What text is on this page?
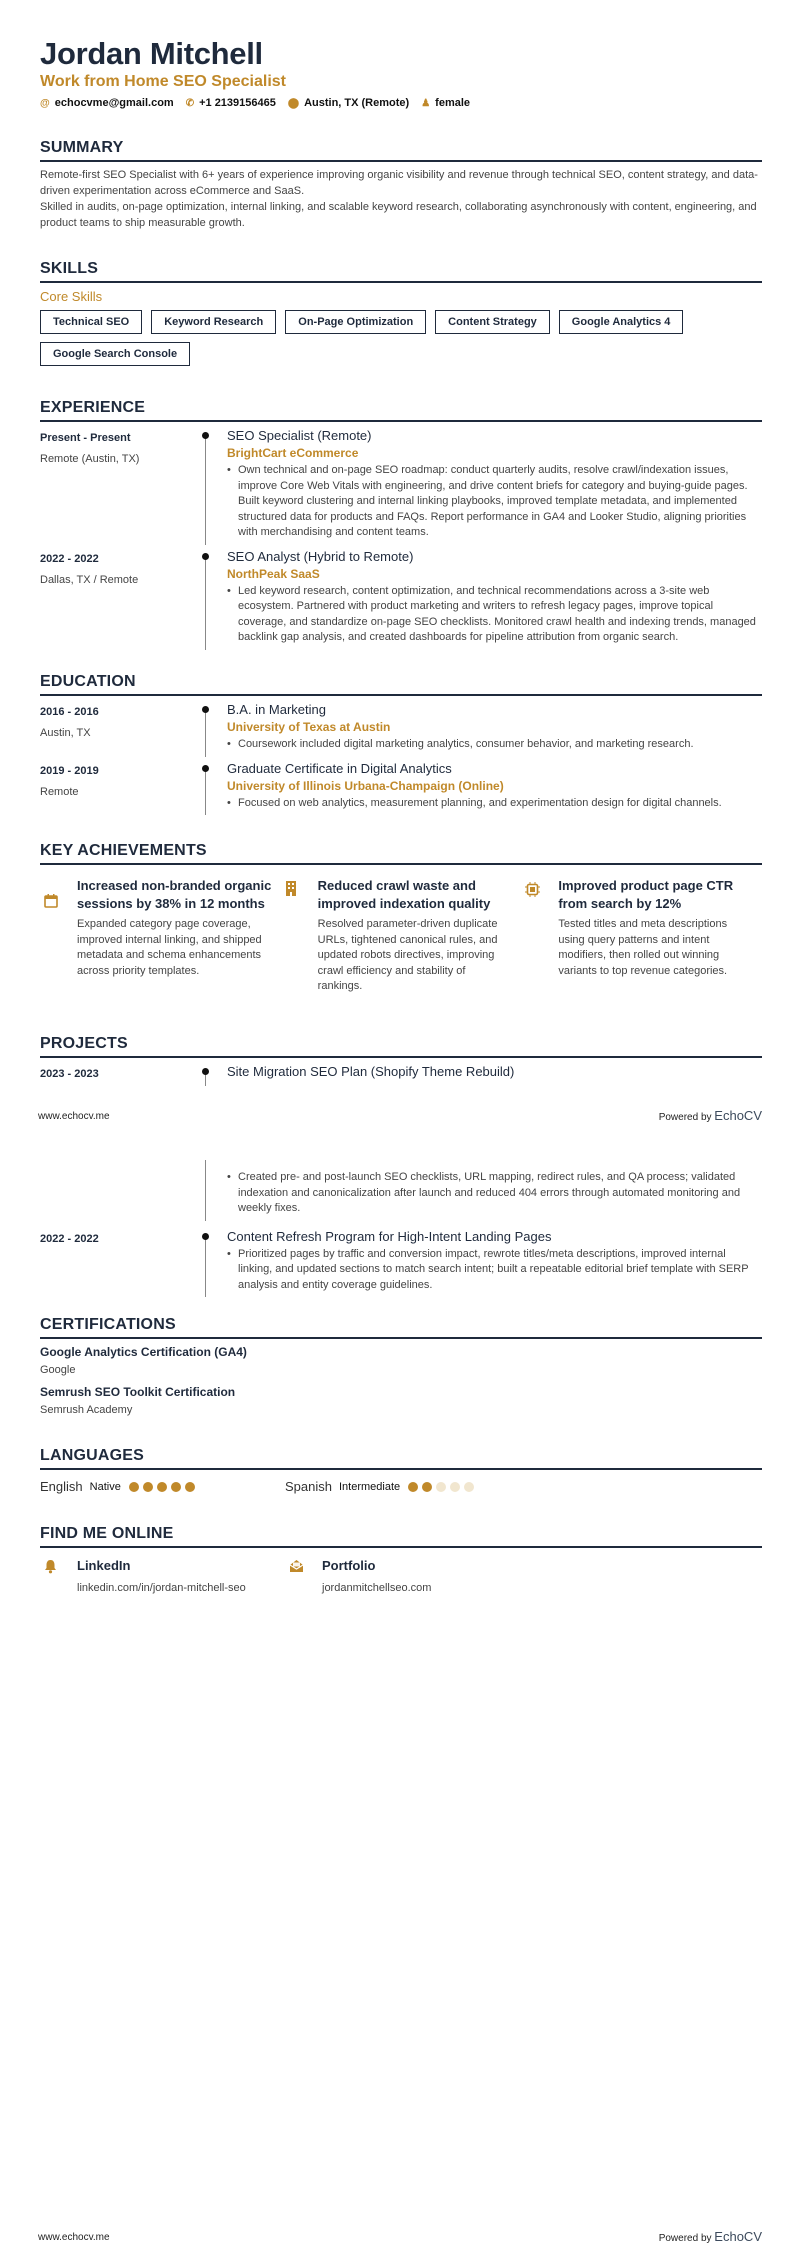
Jordan Mitchell
Work from Home SEO Specialist
@ echocvme@gmail.com ✆ +1 2139156465 ⬤ Austin, TX (Remote) ♟ female
SUMMARY

Remote-first SEO Specialist with 6+ years of experience improving organic visibility and revenue through technical SEO, content strategy, and data-driven experimentation across eCommerce and SaaS.

Skilled in audits, on-page optimization, internal linking, and scalable keyword research, collaborating asynchronously with content, engineering, and product teams to ship measurable growth.

SKILLS
Core Skills
Technical SEO	Keyword Research	On-Page Optimization	Content Strategy	Google Analytics 4
Google Search Console
EXPERIENCE
Present - Present
Remote (Austin, TX)
SEO Specialist (Remote)
BrightCart eCommerce
• Own technical and on-page SEO roadmap: conduct quarterly audits, resolve crawl/indexation issues, improve Core Web Vitals with engineering, and drive content briefs for category and buying-guide pages. Built keyword clustering and internal linking playbooks, improved template metadata, and implemented structured data for products and FAQs. Report performance in GA4 and Looker Studio, aligning priorities with merchandising and content teams.
2022 - 2022
Dallas, TX / Remote
SEO Analyst (Hybrid to Remote)
NorthPeak SaaS
• Led keyword research, content optimization, and technical recommendations across a 3-site web ecosystem. Partnered with product marketing and writers to refresh legacy pages, improve topical coverage, and standardize on-page SEO checklists. Monitored crawl health and indexing trends, managed backlink gap analysis, and created dashboards for pipeline attribution from organic search.
EDUCATION
2016 - 2016
Austin, TX
B.A. in Marketing
University of Texas at Austin
• Coursework included digital marketing analytics, consumer behavior, and marketing research.
2019 - 2019
Remote
Graduate Certificate in Digital Analytics
University of Illinois Urbana-Champaign (Online)
• Focused on web analytics, measurement planning, and experimentation design for digital channels.
KEY ACHIEVEMENTS
Increased non-branded organic sessions by 38% in 12 months

Expanded category page coverage, improved internal linking, and shipped metadata and schema enhancements across priority templates.

Reduced crawl waste and improved indexation quality

Resolved parameter-driven duplicate URLs, tightened canonical rules, and updated robots directives, improving crawl efficiency and stability of rankings.

Improved product page CTR from search by 12%

Tested titles and meta descriptions using query patterns and intent modifiers, then rolled out winning variants to top revenue categories.

PROJECTS
2023 - 2023	Site Migration SEO Plan (Shopify Theme Rebuild)
www.echocv.me	Powered by EchoCV
• Created pre- and post-launch SEO checklists, URL mapping, redirect rules, and QA process; validated indexation and canonicalization after launch and reduced 404 errors through automated monitoring and weekly fixes.
2022 - 2022	Content Refresh Program for High-Intent Landing Pages
• Prioritized pages by traffic and conversion impact, rewrote titles/meta descriptions, improved internal linking, and updated sections to match search intent; built a repeatable editorial brief template with SERP analysis and entity coverage guidelines.
CERTIFICATIONS
Google Analytics Certification (GA4)
Google
Semrush SEO Toolkit Certification
Semrush Academy
LANGUAGES
English Native	Spanish Intermediate
FIND ME ONLINE
LinkedIn
linkedin.com/in/jordan-mitchell-seo
Portfolio
jordanmitchellseo.com
www.echocv.me	Powered by EchoCV
